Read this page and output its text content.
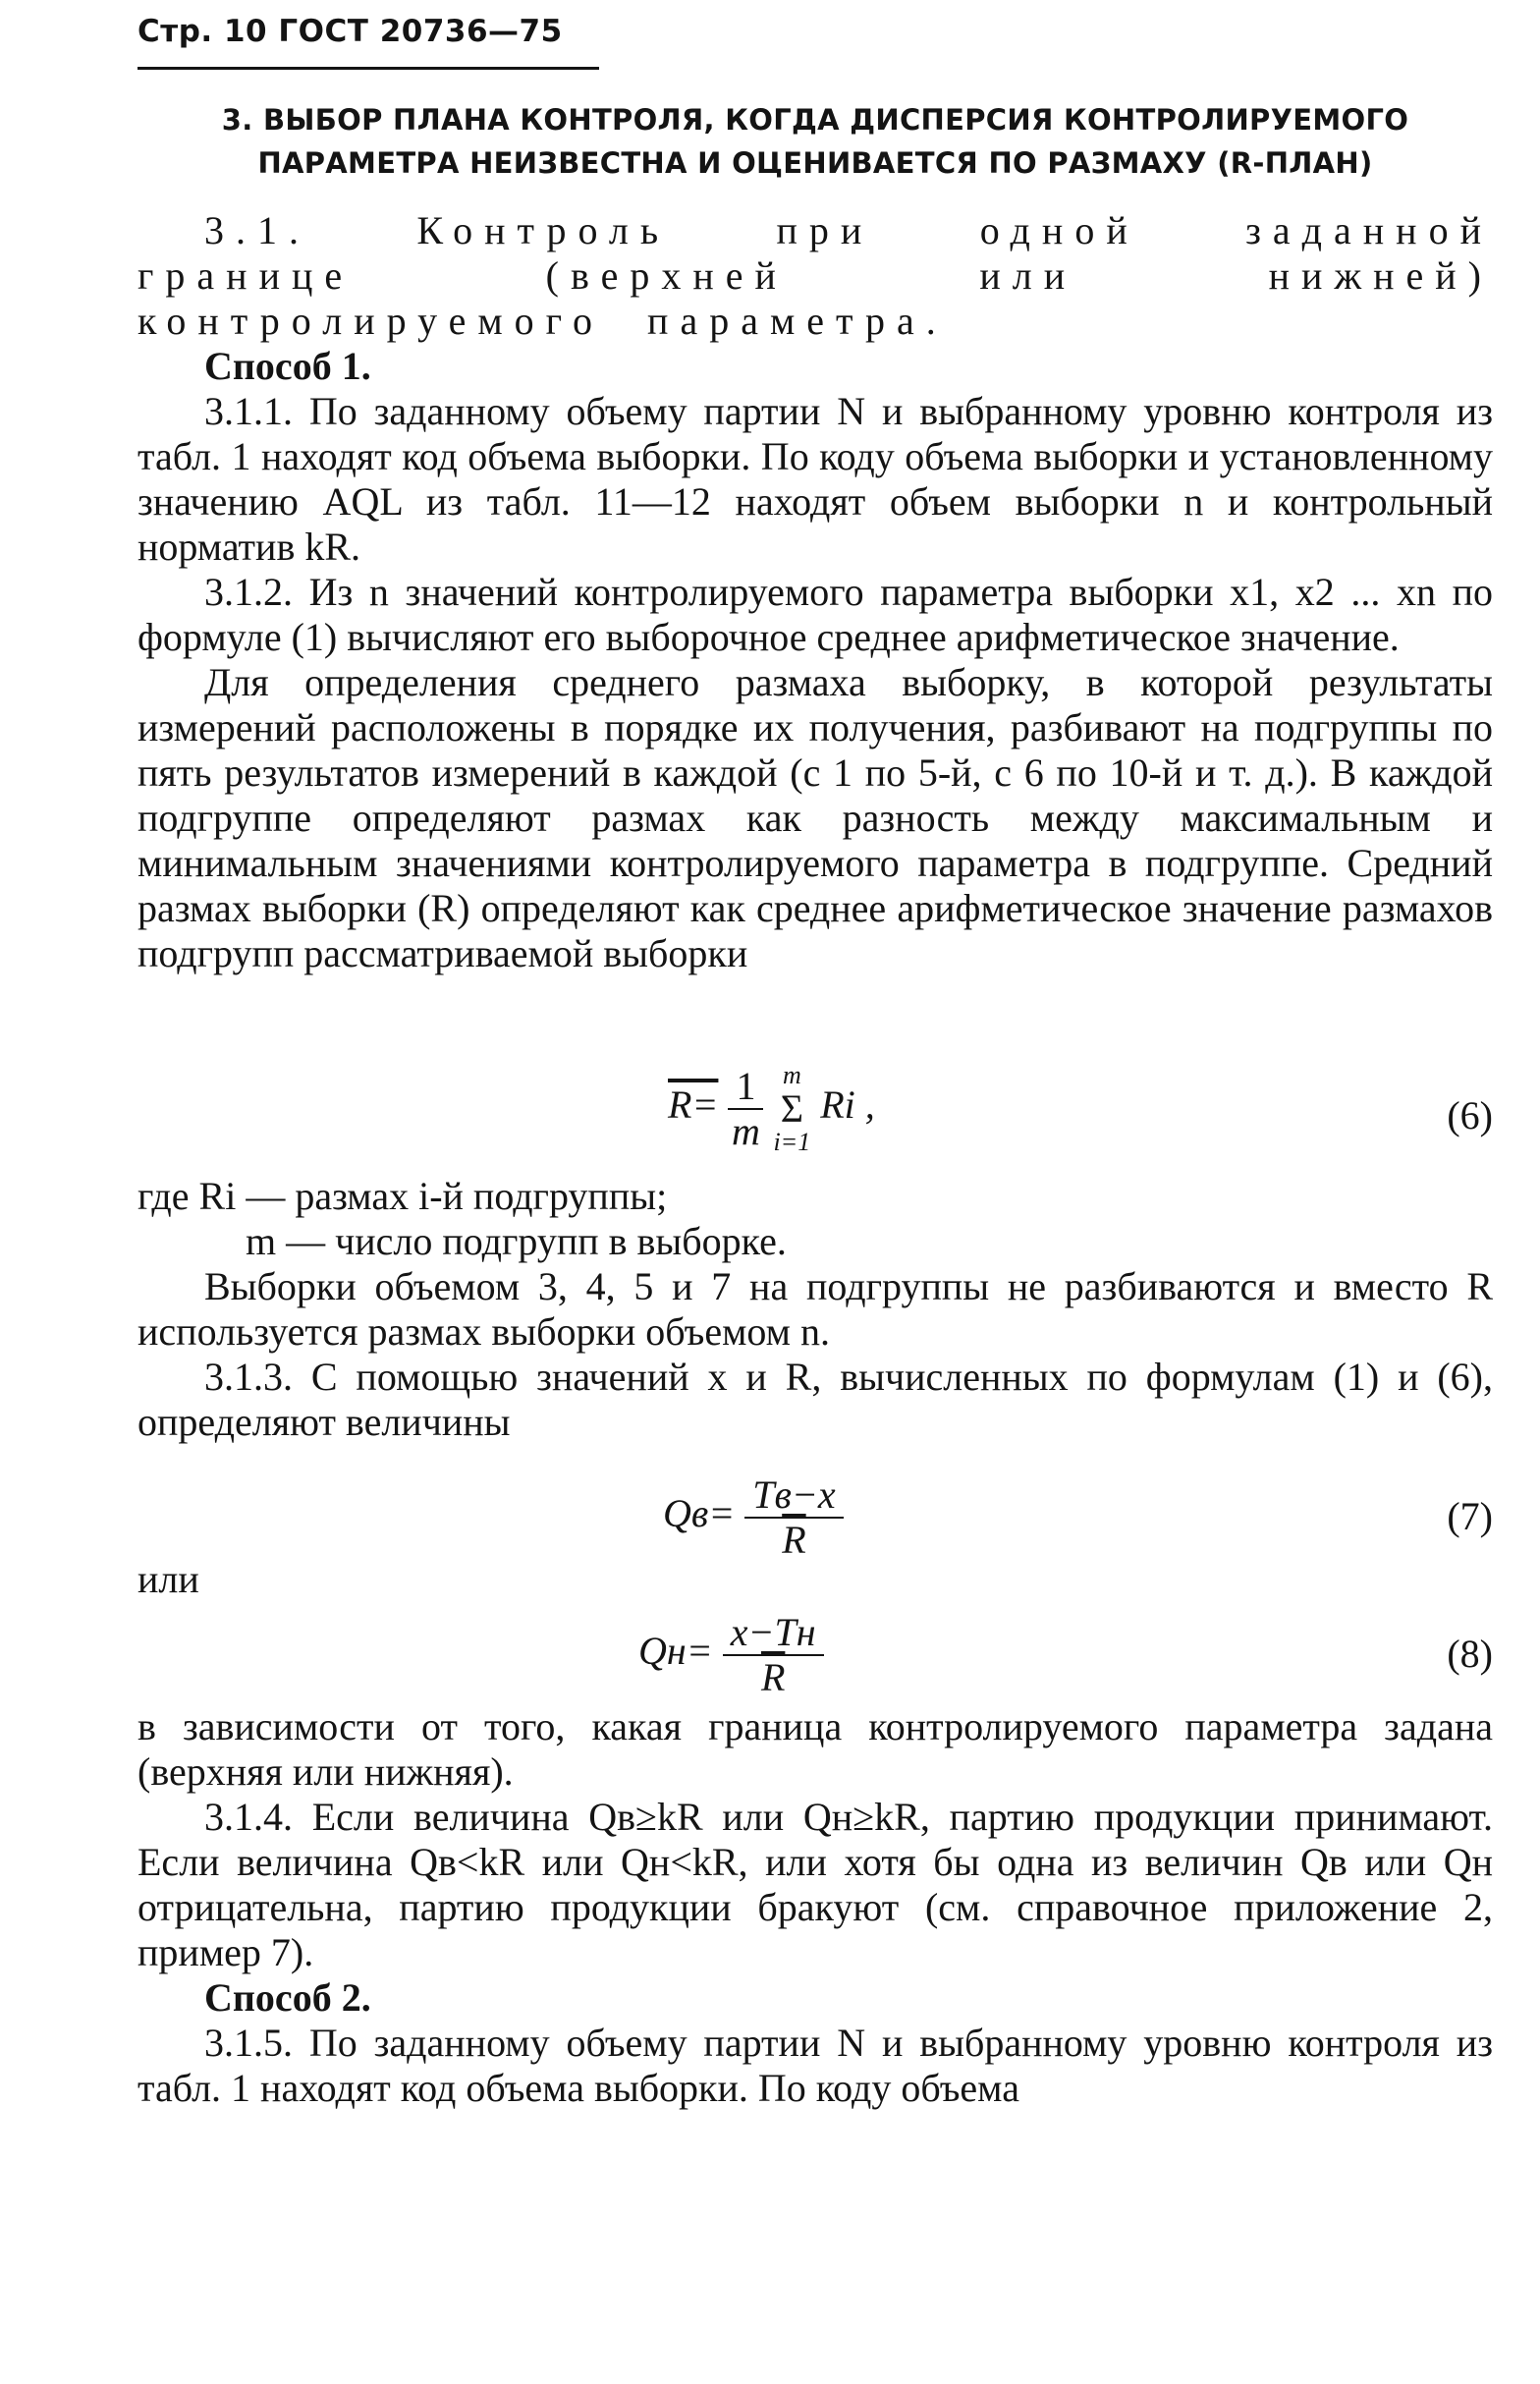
Стр. 10 ГОСТ 20736—75
3. ВЫБОР ПЛАНА КОНТРОЛЯ, КОГДА ДИСПЕРСИЯ КОНТРОЛИРУЕМОГО
ПАРАМЕТРА НЕИЗВЕСТНА И ОЦЕНИВАЕТСЯ ПО РАЗМАХУ (R-ПЛАН)

3.1. Контроль при одной заданной границе (верхней или нижней) контролируемого параметра.

Способ 1.

3.1.1. По заданному объему партии N и выбранному уровню контроля из табл. 1 находят код объема выборки. По коду объема выборки и установленному значению AQL из табл. 11—12 находят объем выборки n и контрольный норматив kR.

3.1.2. Из n значений контролируемого параметра выборки x1, x2 ... xn по формуле (1) вычисляют его выборочное среднее арифметическое значение.

Для определения среднего размаха выборку, в которой результаты измерений расположены в порядке их получения, разбивают на подгруппы по пять результатов измерений в каждой (с 1 по 5-й, с 6 по 10-й и т. д.). В каждой подгруппе определяют размах как разность между максимальным и минимальным значениями контролируемого параметра в подгруппе. Средний размах выборки (R) определяют как среднее арифметическое значение размахов подгрупп рассматриваемой выборки

$R= \frac{1}{m}$
m
Σ
i=1
Ri ,	(6)

где Ri — размах i-й подгруппы;

m — число подгрупп в выборке.

Выборки объемом 3, 4, 5 и 7 на подгруппы не разбиваются и вместо R используется размах выборки объемом n.

3.1.3. С помощью значений x и R, вычисленных по формулам (1) и (6), определяют величины

$Qв= \frac{Tв-x}{R}$	(7)
или
$Qн= \frac{x-Tн}{R}$	(8)

в зависимости от того, какая граница контролируемого параметра задана (верхняя или нижняя).

3.1.4. Если величина Qв≥kR или Qн≥kR, партию продукции принимают. Если величина Qв<kR или Qн<kR, или хотя бы одна из величин Qв или Qн отрицательна, партию продукции бракуют (см. справочное приложение 2, пример 7).

Способ 2.

3.1.5. По заданному объему партии N и выбранному уровню контроля из табл. 1 находят код объема выборки. По коду объема
